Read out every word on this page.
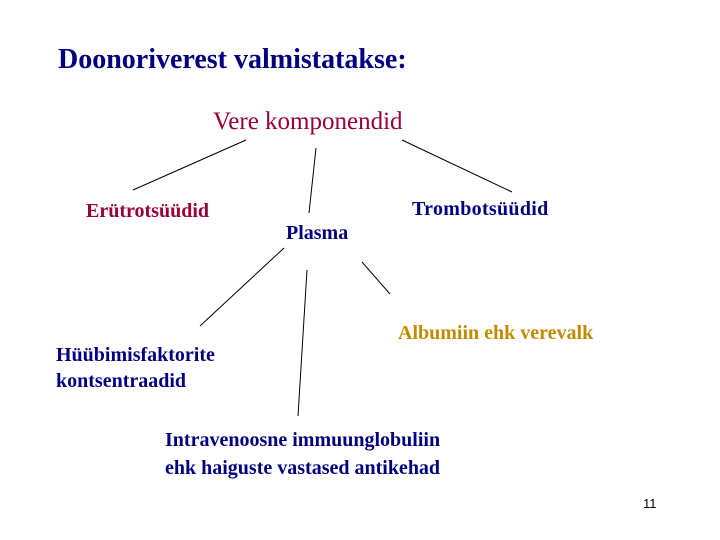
Doonoriverest valmistatakse:
Vere komponendid
Erütrotsüüdid
Plasma
Trombotsüüdid
Hüübimisfaktorite
kontsentraadid
Albumiin ehk verevalk
Intravenoosne immuunglobuliin
ehk haiguste vastased antikehad
11
